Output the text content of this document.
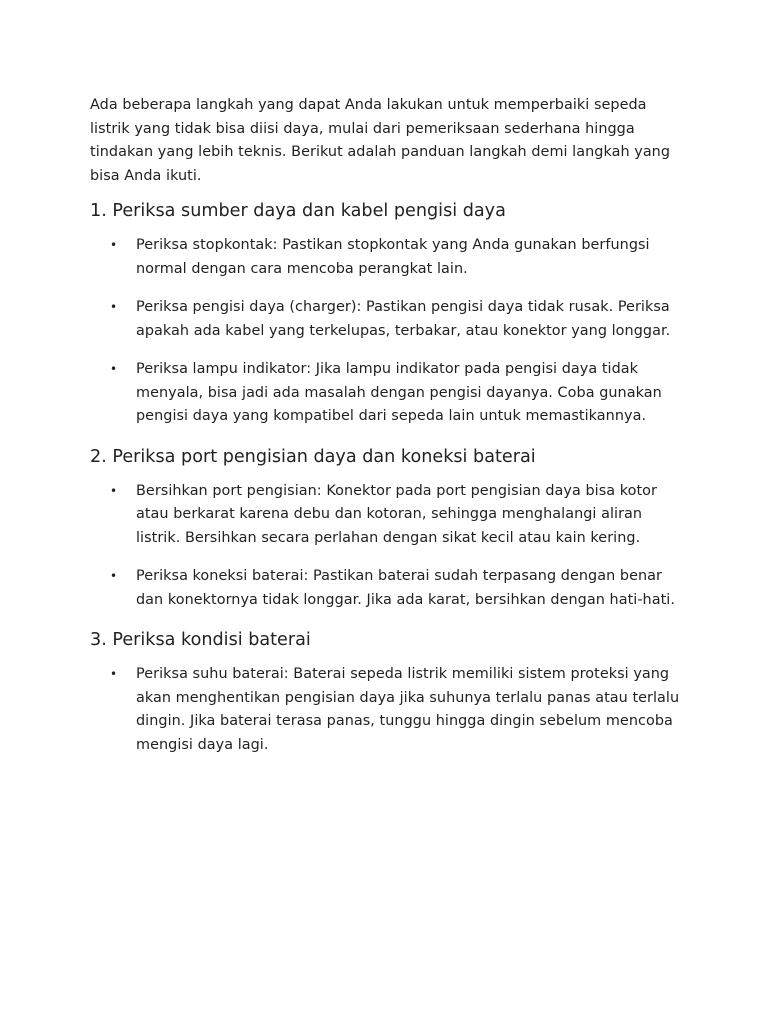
Ada beberapa langkah yang dapat Anda lakukan untuk memperbaiki sepeda listrik yang tidak bisa diisi daya, mulai dari pemeriksaan sederhana hingga tindakan yang lebih teknis. Berikut adalah panduan langkah demi langkah yang bisa Anda ikuti.

1. Periksa sumber daya dan kabel pengisi daya
• Periksa stopkontak: Pastikan stopkontak yang Anda gunakan berfungsi normal dengan cara mencoba perangkat lain.
• Periksa pengisi daya (charger): Pastikan pengisi daya tidak rusak. Periksa apakah ada kabel yang terkelupas, terbakar, atau konektor yang longgar.
• Periksa lampu indikator: Jika lampu indikator pada pengisi daya tidak menyala, bisa jadi ada masalah dengan pengisi dayanya. Coba gunakan pengisi daya yang kompatibel dari sepeda lain untuk memastikannya.
2. Periksa port pengisian daya dan koneksi baterai
• Bersihkan port pengisian: Konektor pada port pengisian daya bisa kotor atau berkarat karena debu dan kotoran, sehingga menghalangi aliran listrik. Bersihkan secara perlahan dengan sikat kecil atau kain kering.
• Periksa koneksi baterai: Pastikan baterai sudah terpasang dengan benar dan konektornya tidak longgar. Jika ada karat, bersihkan dengan hati-hati.
3. Periksa kondisi baterai
• Periksa suhu baterai: Baterai sepeda listrik memiliki sistem proteksi yang akan menghentikan pengisian daya jika suhunya terlalu panas atau terlalu dingin. Jika baterai terasa panas, tunggu hingga dingin sebelum mencoba mengisi daya lagi.
